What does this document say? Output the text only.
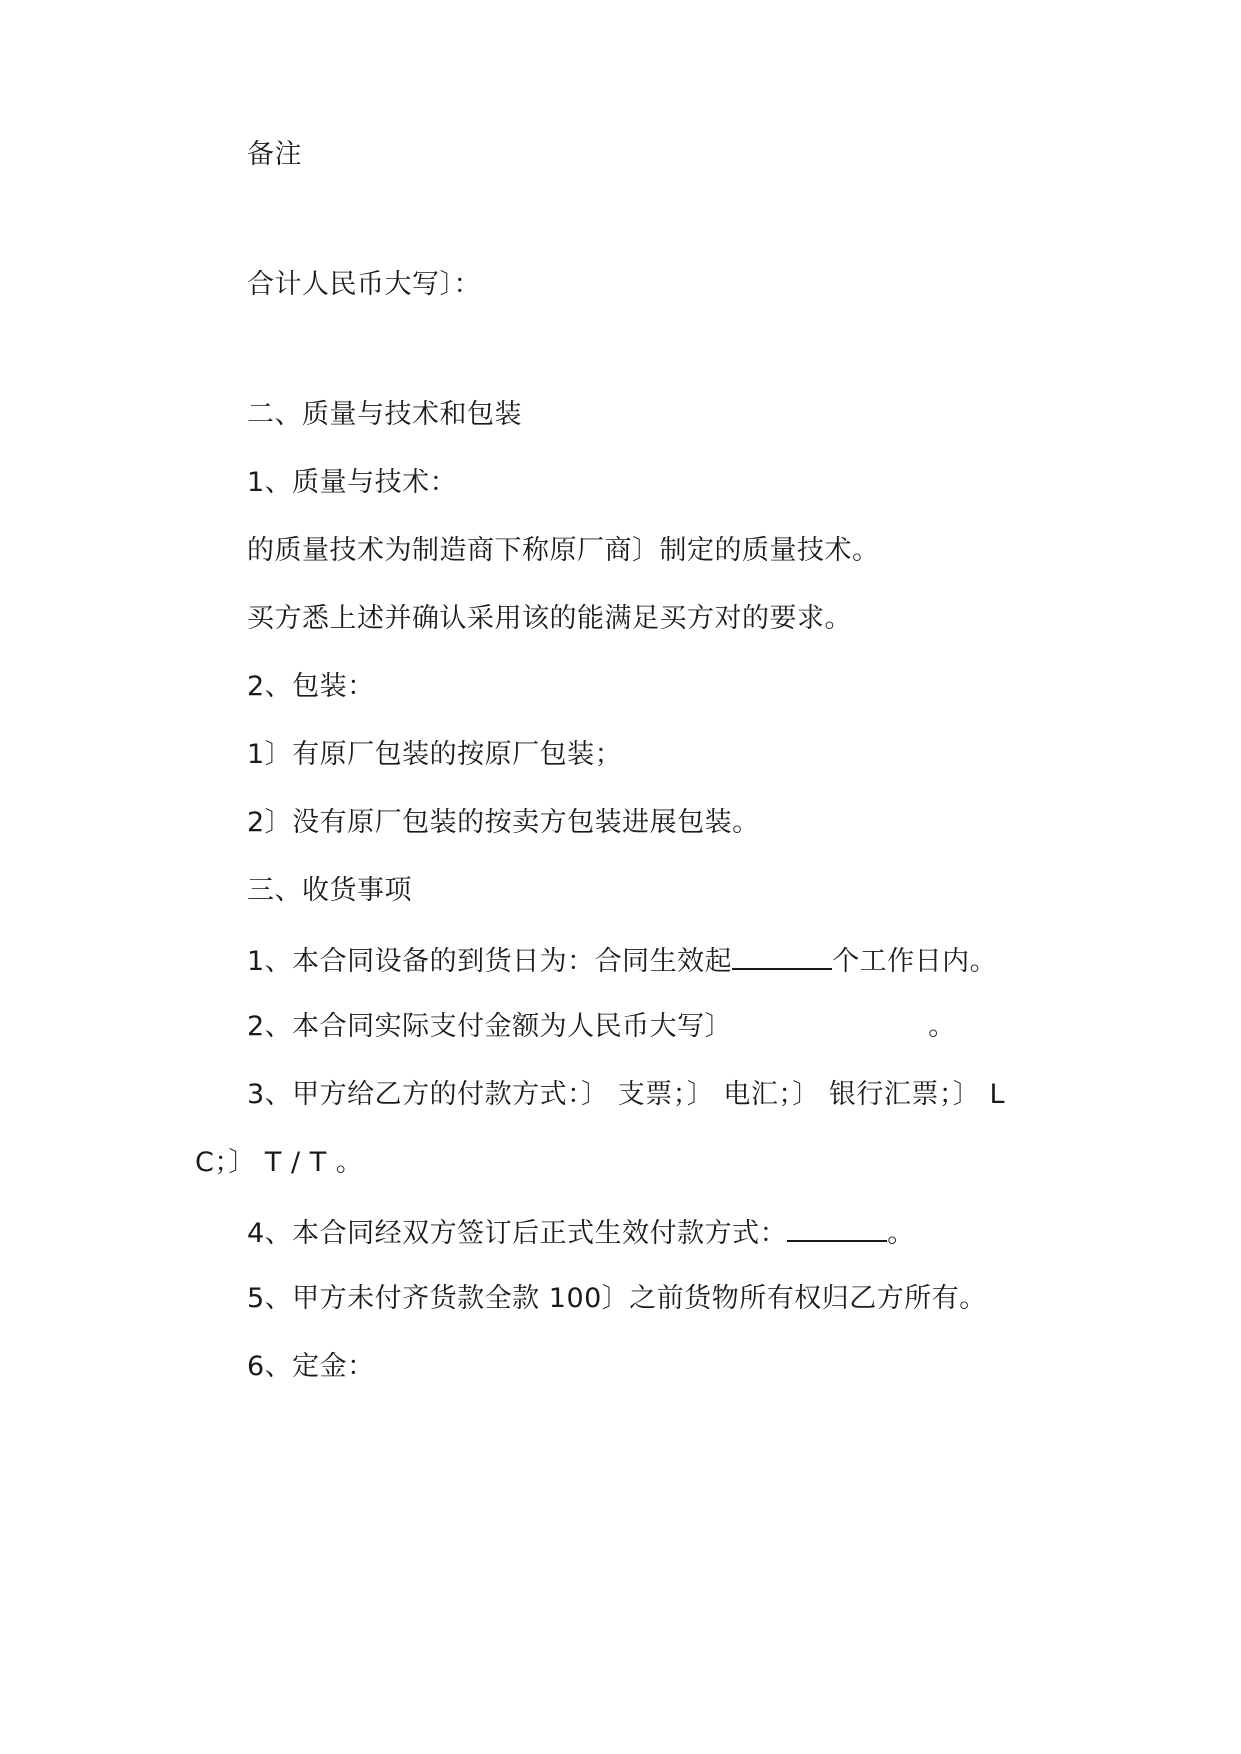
备注
合计人民币大写〕：
二、质量与技术和包装
1、质量与技术：
的质量技术为制造商下称原厂商〕制定的质量技术。
买方悉上述并确认采用该的能满足买方对的要求。
2、包装：
1〕有原厂包装的按原厂包装；
2〕没有原厂包装的按卖方包装进展包装。
三、收货事项
1、本合同设备的到货日为：合同生效起	个工作日内。
2、本合同实际支付金额为人民币大写〕	。
3、甲方给乙方的付款方式：〕 支票；〕 电汇；〕 银行汇票；〕 L
C；〕 T / T 。
4、本合同经双方签订后正式生效付款方式：	。
5、甲方未付齐货款全款 100〕之前货物所有权归乙方所有。
6、定金：
